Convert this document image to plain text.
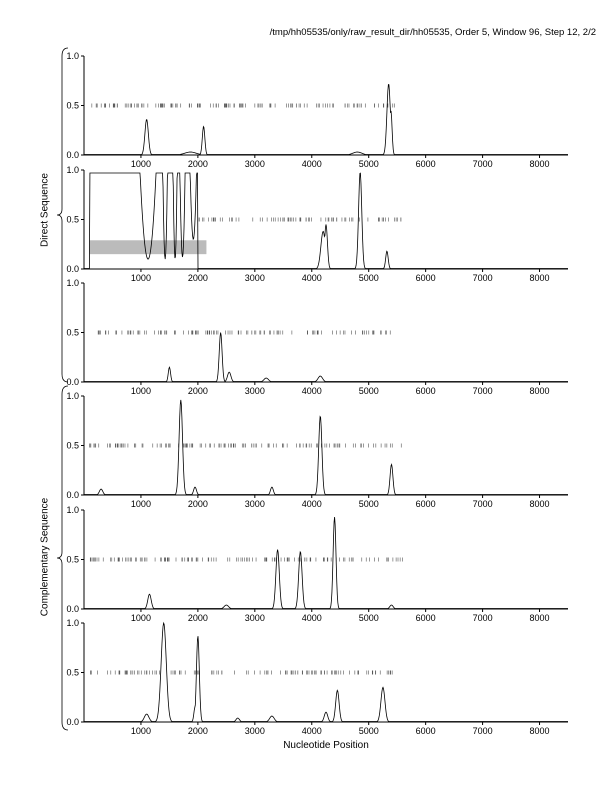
/tmp/hh05535/only/raw_result_dir/hh05535, Order 5, Window 96, Step 12, 2/2
0.0
0.5
1.0
1000	2000	3000	4000	5000	6000	7000	8000
0.0
0.5
1.0
1000	2000	3000	4000	5000	6000	7000	8000
0.0
0.5
1.0
1000	2000	3000	4000	5000	6000	7000	8000
0.0
0.5
1.0
1000	2000	3000	4000	5000	6000	7000	8000
0.0
0.5
1.0
1000	2000	3000	4000	5000	6000	7000	8000
0.0
0.5
1.0
1000	2000	3000	4000	5000	6000	7000	8000
Direct Sequence
Complementary Sequence
Nucleotide Position
